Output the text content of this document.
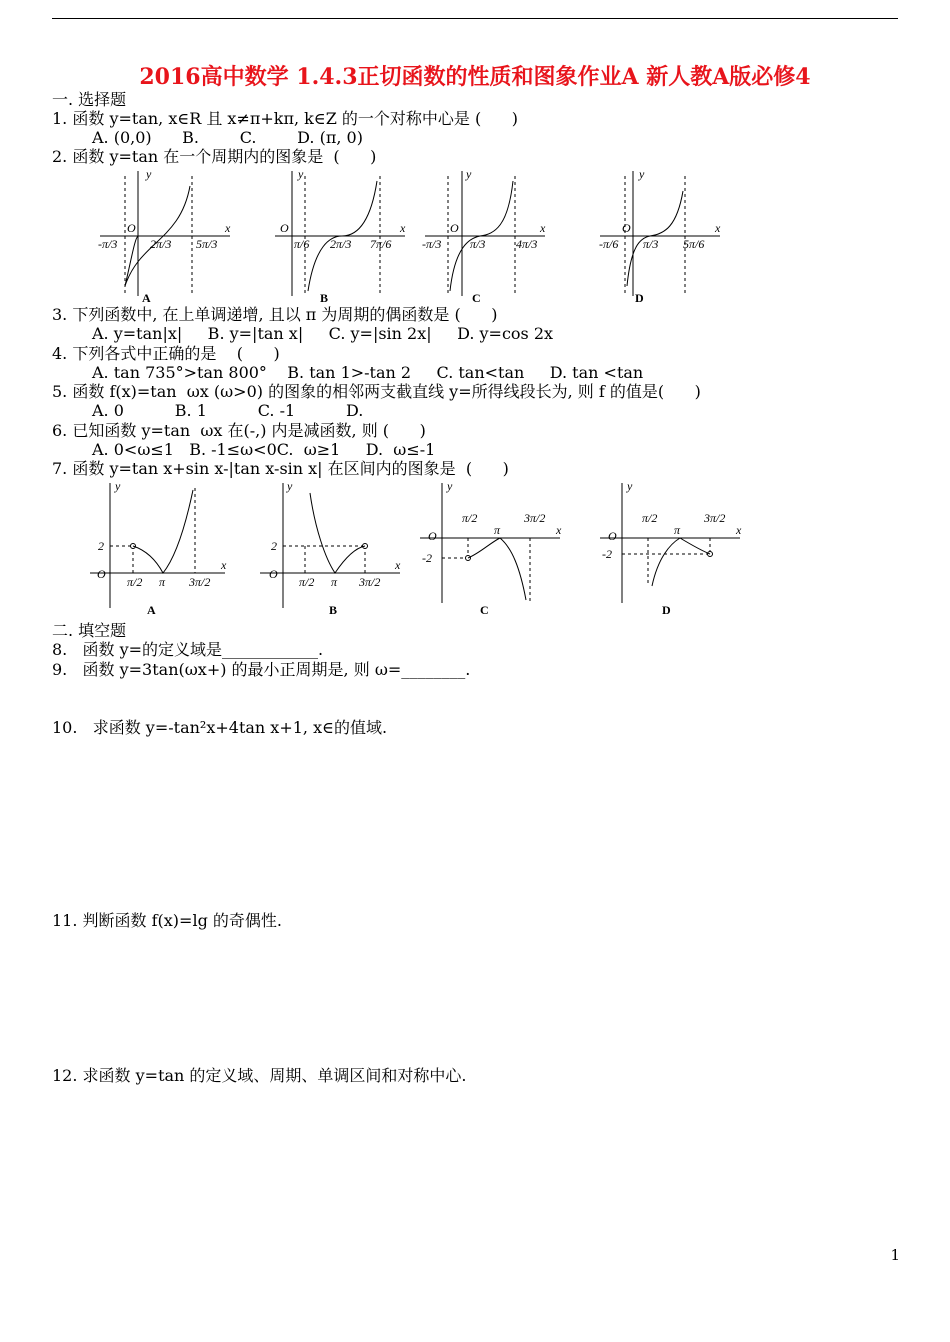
2016高中数学 1.4.3正切函数的性质和图象作业A 新人教A版必修4
一. 选择题
1. 函数 y=tan, x∈R 且 x≠π+kπ, k∈Z 的一个对称中心是 (      )
A. (0,0)      B.        C.        D. (π, 0)
2. 函数 y=tan 在一个周期内的图象是  (      )
y
O	x
-π/3	2π/3 5π/3
A
y
O	x
π/6 2π/3 7π/6
B
y
O	x
-π/3 π/3	4π/3
C
y
O	x
-π/6 π/3 5π/6
D
3. 下列函数中, 在上单调递增, 且以 π 为周期的偶函数是 (      )
A. y=tan|x|     B. y=|tan x|     C. y=|sin 2x|     D. y=cos 2x
4. 下列各式中正确的是    (      )
A. tan 735°>tan 800°    B. tan 1>-tan 2     C. tan<tan     D. tan <tan
5. 函数 f(x)=tan  ωx (ω>0) 的图象的相邻两支截直线 y=所得线段长为, 则 f 的值是(      )
A. 0          B. 1          C. -1          D.
6. 已知函数 y=tan  ωx 在(-,) 内是减函数, 则 (      )
A. 0<ω≤1   B. -1≤ω<0C.  ω≥1     D.  ω≤-1
7. 函数 y=tan x+sin x-|tan x-sin x| 在区间内的图象是  (      )
y
O
x
2
π/2 π 3π/2
A
y
O
x
2
π/2 π 3π/2
B
y
O	x
-2
π/2
π
3π/2
C
y
O	x
-2
π/2
π
3π/2
D
二. 填空题
8.   函数 y=的定义域是____________.
9.   函数 y=3tan(ωx+) 的最小正周期是, 则 ω=________.
10.   求函数 y=-tan²x+4tan x+1, x∈的值域.
11. 判断函数 f(x)=lg 的奇偶性.
12. 求函数 y=tan 的定义域、周期、单调区间和对称中心.
1
